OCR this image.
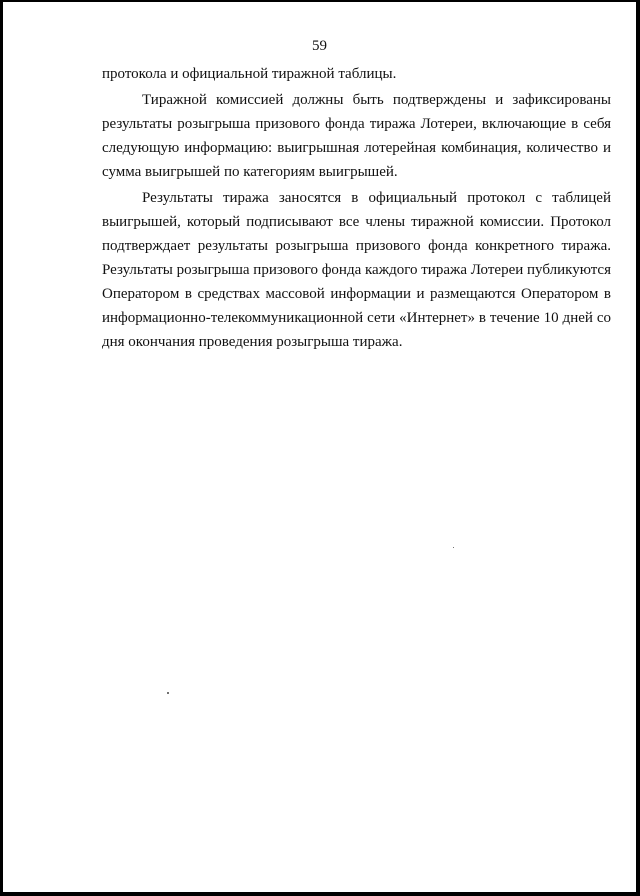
59

протокола и официальной тиражной таблицы.

Тиражной комиссией должны быть подтверждены и зафиксированы результаты розыгрыша призового фонда тиража Лотереи, включающие в себя следующую информацию: выигрышная лотерейная комбинация, количество и сумма выигрышей по категориям выигрышей.

Результаты тиража заносятся в официальный протокол с таблицей выигрышей, который подписывают все члены тиражной комиссии. Протокол подтверждает результаты розыгрыша призового фонда конкретного тиража. Результаты розыгрыша призового фонда каждого тиража Лотереи публикуются Оператором в средствах массовой информации и размещаются Оператором в информационно-телекоммуникационной сети «Интернет» в течение 10 дней со дня окончания проведения розыгрыша тиража.
